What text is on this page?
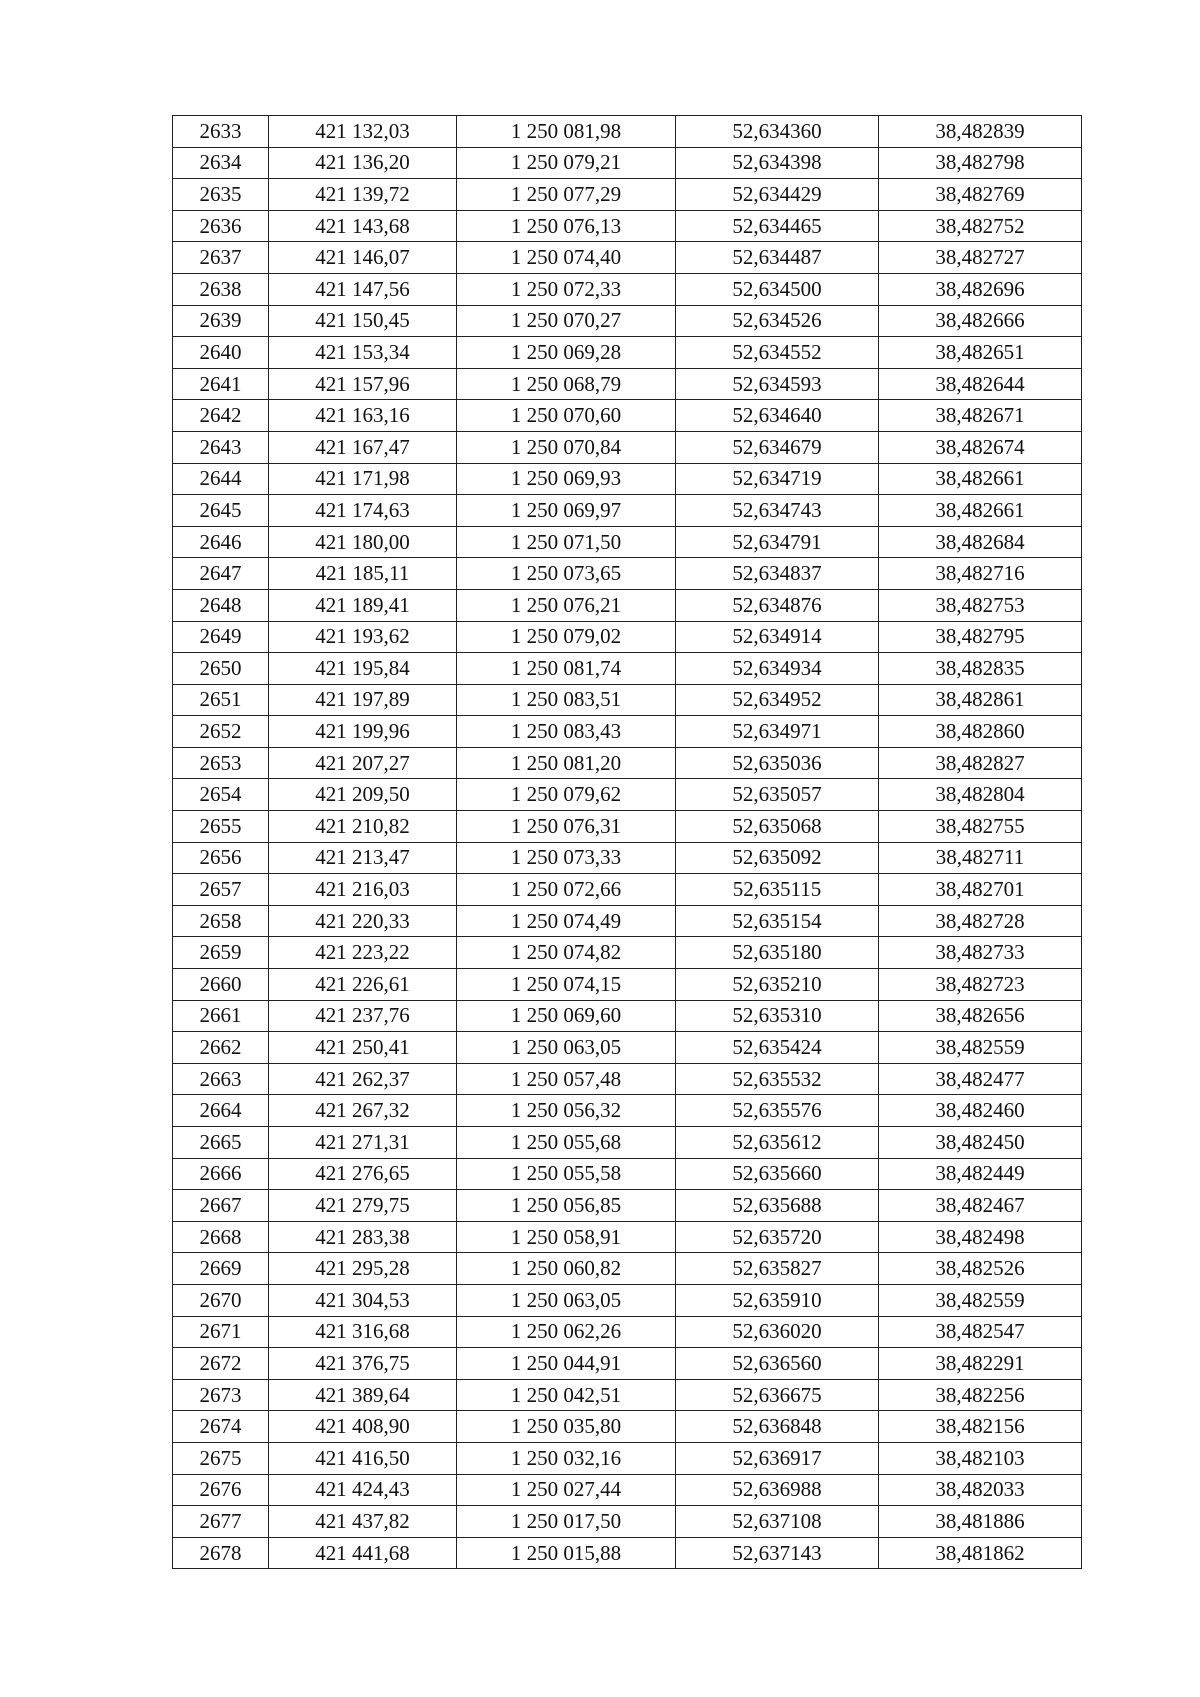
2633	421 132,03	1 250 081,98	52,634360	38,482839
2634	421 136,20	1 250 079,21	52,634398	38,482798
2635	421 139,72	1 250 077,29	52,634429	38,482769
2636	421 143,68	1 250 076,13	52,634465	38,482752
2637	421 146,07	1 250 074,40	52,634487	38,482727
2638	421 147,56	1 250 072,33	52,634500	38,482696
2639	421 150,45	1 250 070,27	52,634526	38,482666
2640	421 153,34	1 250 069,28	52,634552	38,482651
2641	421 157,96	1 250 068,79	52,634593	38,482644
2642	421 163,16	1 250 070,60	52,634640	38,482671
2643	421 167,47	1 250 070,84	52,634679	38,482674
2644	421 171,98	1 250 069,93	52,634719	38,482661
2645	421 174,63	1 250 069,97	52,634743	38,482661
2646	421 180,00	1 250 071,50	52,634791	38,482684
2647	421 185,11	1 250 073,65	52,634837	38,482716
2648	421 189,41	1 250 076,21	52,634876	38,482753
2649	421 193,62	1 250 079,02	52,634914	38,482795
2650	421 195,84	1 250 081,74	52,634934	38,482835
2651	421 197,89	1 250 083,51	52,634952	38,482861
2652	421 199,96	1 250 083,43	52,634971	38,482860
2653	421 207,27	1 250 081,20	52,635036	38,482827
2654	421 209,50	1 250 079,62	52,635057	38,482804
2655	421 210,82	1 250 076,31	52,635068	38,482755
2656	421 213,47	1 250 073,33	52,635092	38,482711
2657	421 216,03	1 250 072,66	52,635115	38,482701
2658	421 220,33	1 250 074,49	52,635154	38,482728
2659	421 223,22	1 250 074,82	52,635180	38,482733
2660	421 226,61	1 250 074,15	52,635210	38,482723
2661	421 237,76	1 250 069,60	52,635310	38,482656
2662	421 250,41	1 250 063,05	52,635424	38,482559
2663	421 262,37	1 250 057,48	52,635532	38,482477
2664	421 267,32	1 250 056,32	52,635576	38,482460
2665	421 271,31	1 250 055,68	52,635612	38,482450
2666	421 276,65	1 250 055,58	52,635660	38,482449
2667	421 279,75	1 250 056,85	52,635688	38,482467
2668	421 283,38	1 250 058,91	52,635720	38,482498
2669	421 295,28	1 250 060,82	52,635827	38,482526
2670	421 304,53	1 250 063,05	52,635910	38,482559
2671	421 316,68	1 250 062,26	52,636020	38,482547
2672	421 376,75	1 250 044,91	52,636560	38,482291
2673	421 389,64	1 250 042,51	52,636675	38,482256
2674	421 408,90	1 250 035,80	52,636848	38,482156
2675	421 416,50	1 250 032,16	52,636917	38,482103
2676	421 424,43	1 250 027,44	52,636988	38,482033
2677	421 437,82	1 250 017,50	52,637108	38,481886
2678	421 441,68	1 250 015,88	52,637143	38,481862
